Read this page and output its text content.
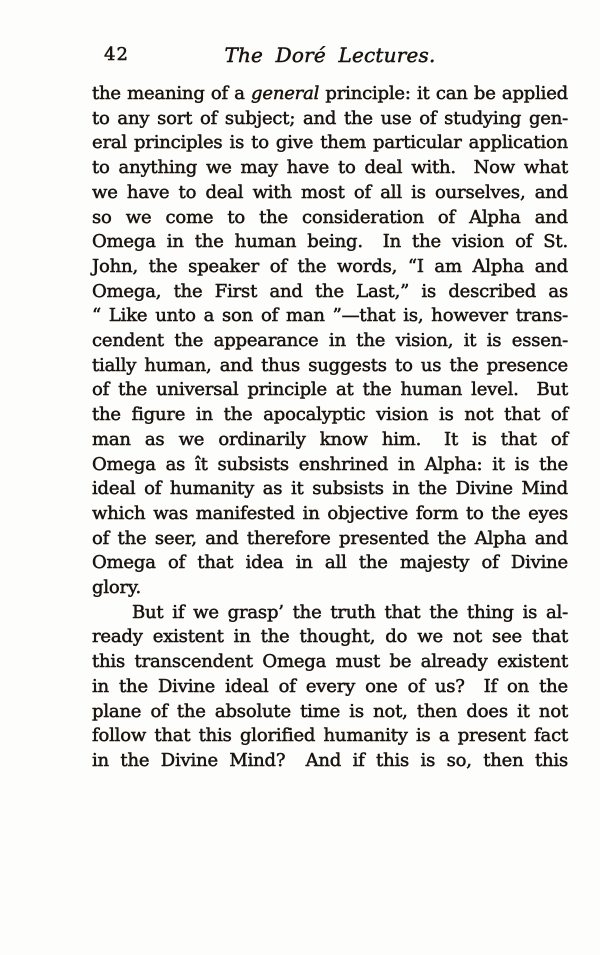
42	The Doré Lectures.
the meaning of a general principle: it can be applied
to any sort of subject; and the use of studying gen-
eral principles is to give them particular application
to anything we may have to deal with.  Now what
we have to deal with most of all is ourselves, and
so we come to the consideration of Alpha and
Omega in the human being.  In the vision of St.
John, the speaker of the words, “I am Alpha and
Omega, the First and the Last,” is described as
“ Like unto a son of man ”—that is, however trans-
cendent the appearance in the vision, it is essen-
tially human, and thus suggests to us the presence
of the universal principle at the human level.  But
the figure in the apocalyptic vision is not that of
man as we ordinarily know him.  It is that of
Omega as ît subsists enshrined in Alpha: it is the
ideal of humanity as it subsists in the Divine Mind
which was manifested in objective form to the eyes
of the seer, and therefore presented the Alpha and
Omega of that idea in all the majesty of Divine
glory.
But if we grasp’ the truth that the thing is al-
ready existent in the thought, do we not see that
this transcendent Omega must be already existent
in the Divine ideal of every one of us?  If on the
plane of the absolute time is not, then does it not
follow that this glorified humanity is a present fact
in the Divine Mind?  And if this is so, then this
